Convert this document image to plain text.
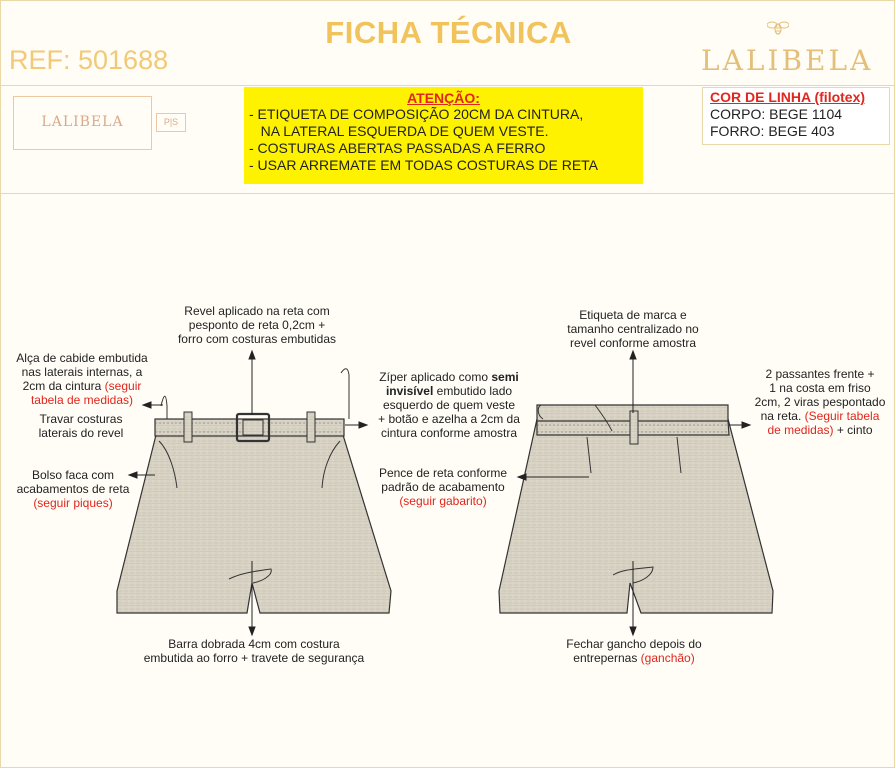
FICHA TÉCNICA
REF: 501688	LALIBELA
LALIBELA	P|S
ATENÇÃO:
- ETIQUETA DE COMPOSIÇÃO 20CM DA CINTURA,
NA LATERAL ESQUERDA DE QUEM VESTE.
- COSTURAS ABERTAS PASSADAS A FERRO
- USAR ARREMATE EM TODAS COSTURAS DE RETA
COR DE LINHA (filotex)
CORPO: BEGE 1104
FORRO: BEGE 403
Revel aplicado na reta com
pesponto de reta 0,2cm +
forro com costuras embutidas
Alça de cabide embutida
nas laterais internas, a
2cm da cintura (seguir
tabela de medidas)
Travar costuras
laterais do revel
Bolso faca com
acabamentos de reta
(seguir piques)
Zíper aplicado como semi
invisível embutido lado
esquerdo de quem veste
+ botão e azelha a 2cm da
cintura conforme amostra
Barra dobrada 4cm com costura
embutida ao forro + travete de segurança
Etiqueta de marca e
tamanho centralizado no
revel conforme amostra
2 passantes frente +
1 na costa em friso
2cm, 2 viras pespontado
na reta. (Seguir tabela
de medidas) + cinto
Pence de reta conforme
padrão de acabamento
(seguir gabarito)
Fechar gancho depois do
entrepernas (ganchão)
